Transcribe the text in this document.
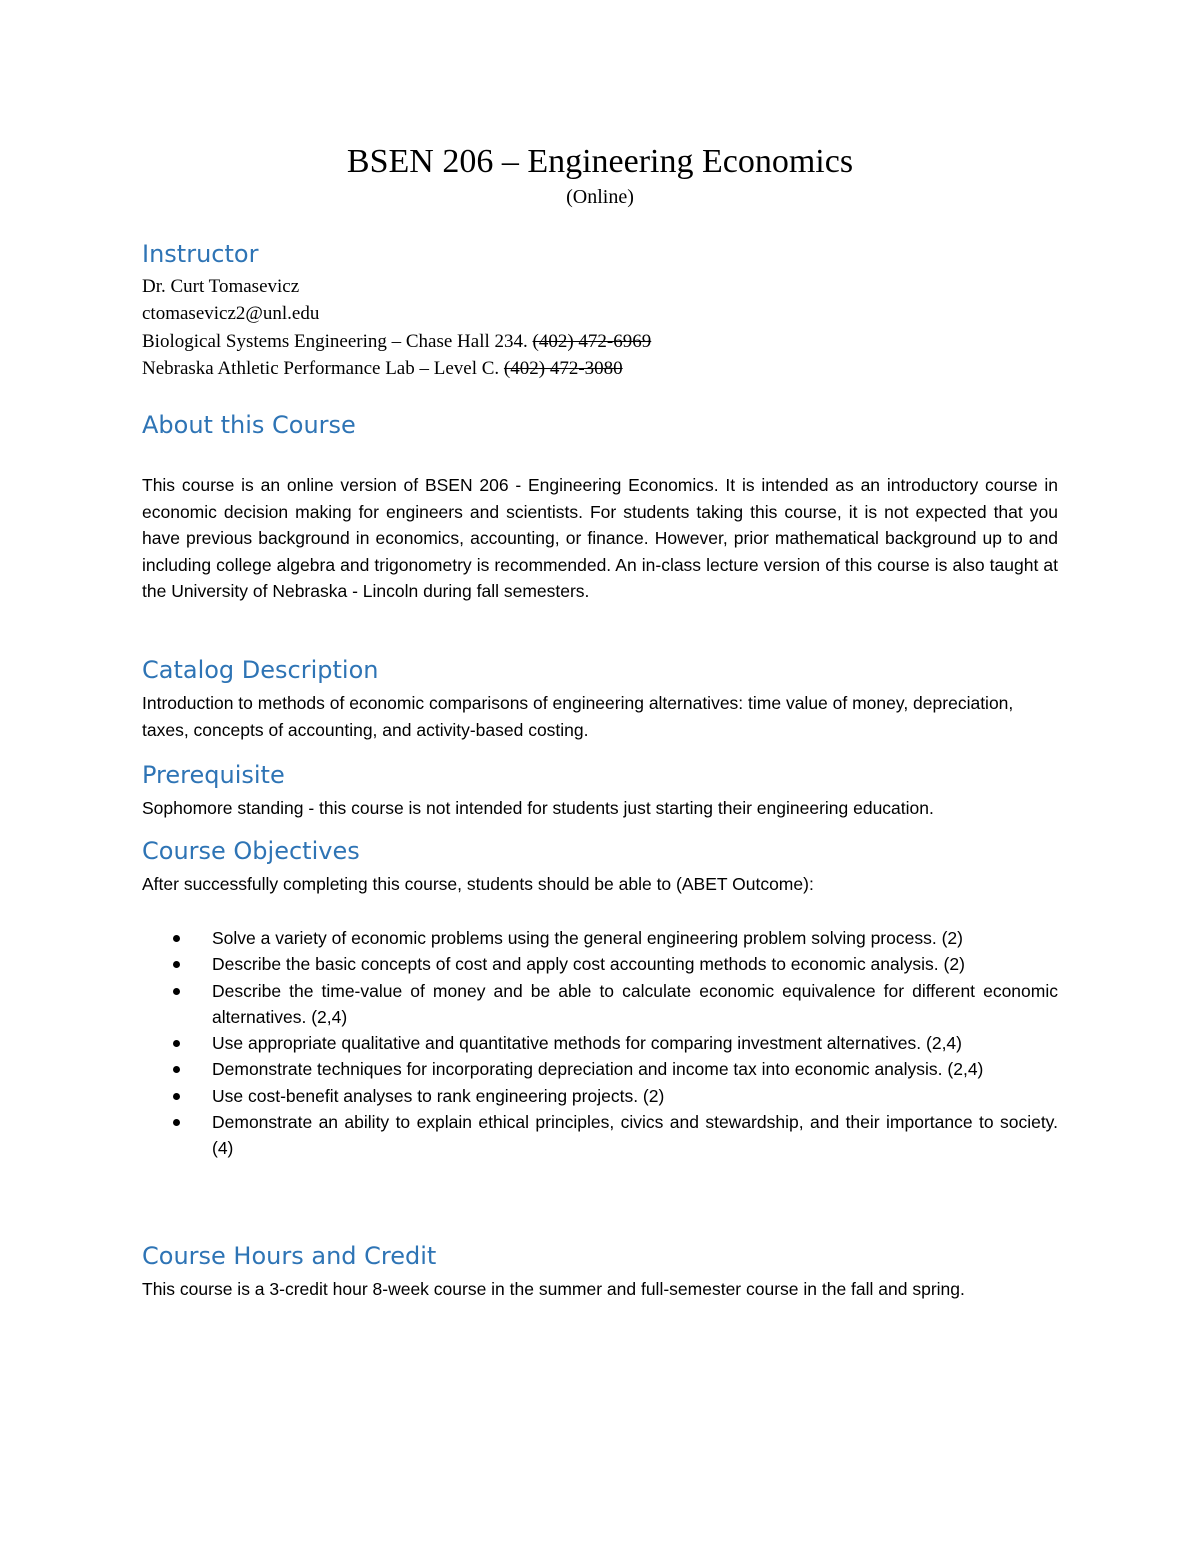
BSEN 206 – Engineering Economics
(Online)
Instructor
Dr. Curt Tomasevicz
ctomasevicz2@unl.edu
Biological Systems Engineering – Chase Hall 234. (402) 472-6969
Nebraska Athletic Performance Lab – Level C. (402) 472-3080
About this Course

This course is an online version of BSEN 206 - Engineering Economics. It is intended as an introductory course in economic decision making for engineers and scientists. For students taking this course, it is not expected that you have previous background in economics, accounting, or finance. However, prior mathematical background up to and including college algebra and trigonometry is recommended. An in-class lecture version of this course is also taught at the University of Nebraska - Lincoln during fall semesters.

Catalog Description

Introduction to methods of economic comparisons of engineering alternatives: time value of money, depreciation, taxes, concepts of accounting, and activity-based costing.

Prerequisite

Sophomore standing - this course is not intended for students just starting their engineering education.

Course Objectives

After successfully completing this course, students should be able to (ABET Outcome):

Solve a variety of economic problems using the general engineering problem solving process. (2)
Describe the basic concepts of cost and apply cost accounting methods to economic analysis. (2)
Describe the time-value of money and be able to calculate economic equivalence for different economic alternatives. (2,4)
Use appropriate qualitative and quantitative methods for comparing investment alternatives. (2,4)
Demonstrate techniques for incorporating depreciation and income tax into economic analysis. (2,4)
Use cost-benefit analyses to rank engineering projects. (2)
Demonstrate an ability to explain ethical principles, civics and stewardship, and their importance to society. (4)
Course Hours and Credit

This course is a 3-credit hour 8-week course in the summer and full-semester course in the fall and spring.
